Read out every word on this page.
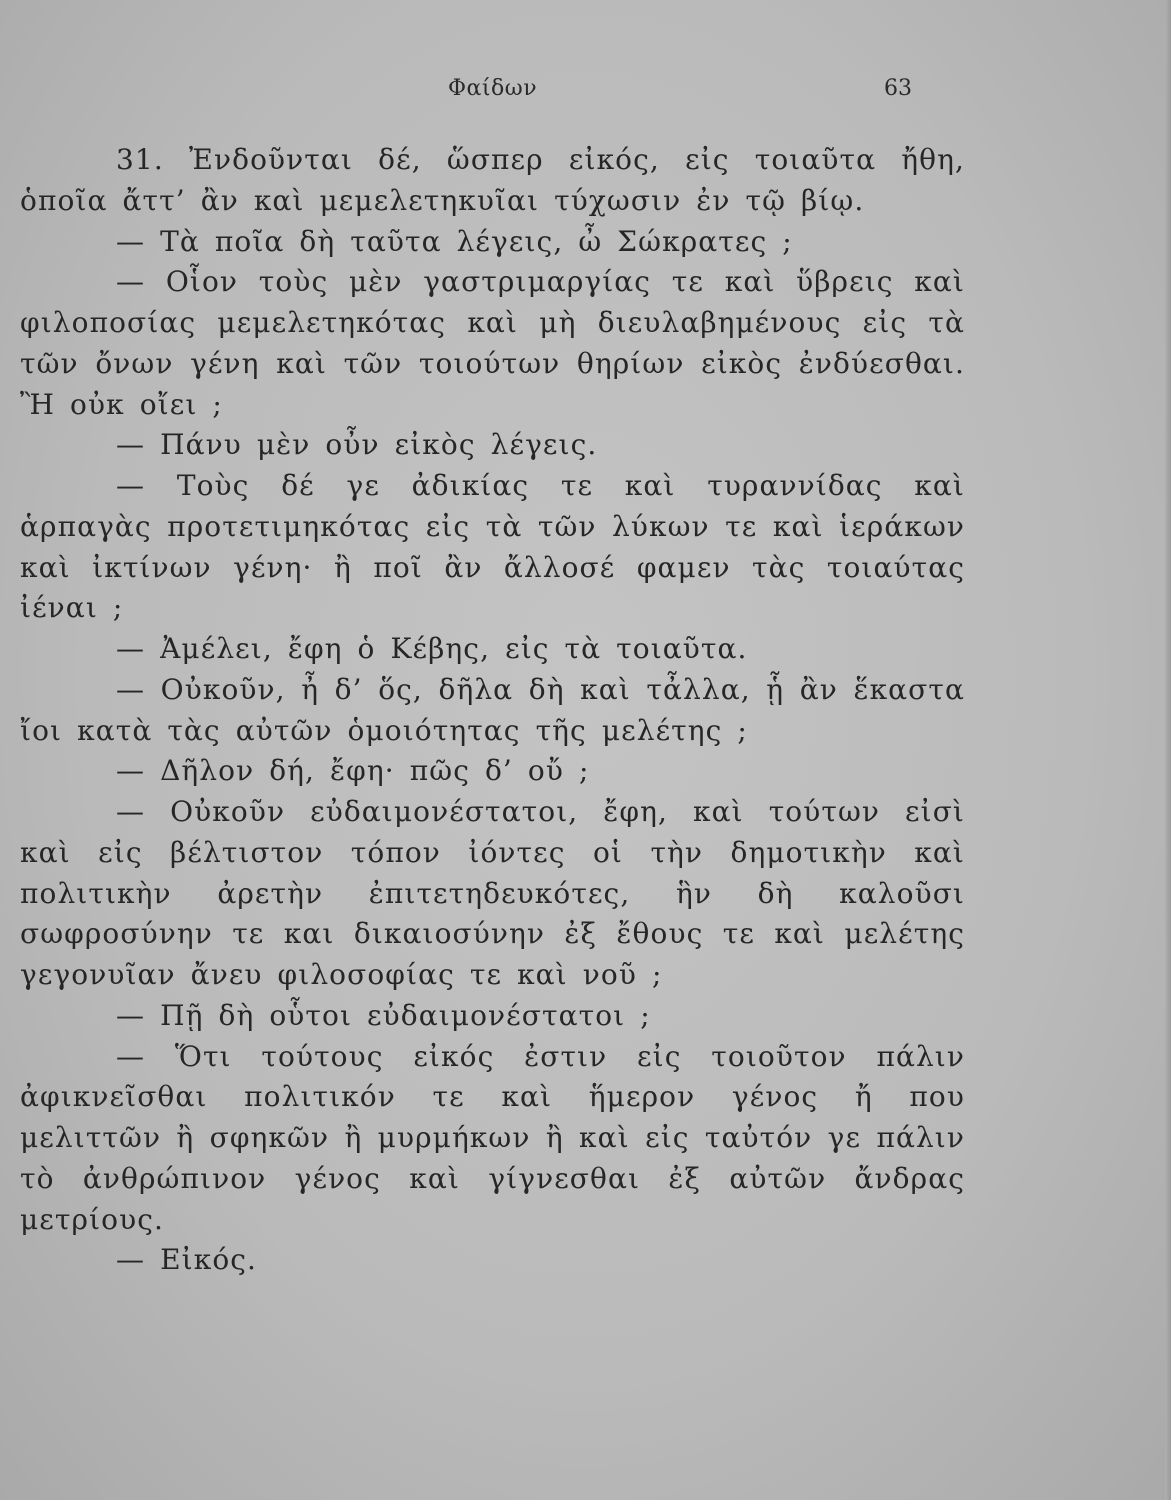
Φαίδων	63

31. Ἐνδοῦνται δέ, ὥσπερ εἰκός, εἰς τοιαῦτα ἤθη, ὁποῖα ἄττ’ ἂν καὶ μεμελετηκυῖαι τύχωσιν ἐν τῷ βίῳ.

— Τὰ ποῖα δὴ ταῦτα λέγεις, ὦ Σώκρατες ;

— Οἷον τοὺς μὲν γαστριμαργίας τε καὶ ὕβρεις καὶ φιλοποσίας μεμελετηκότας καὶ μὴ διευλαβημένους εἰς τὰ τῶν ὄνων γένη καὶ τῶν τοιούτων θηρίων εἰκὸς ἐνδύεσθαι. Ἢ οὐκ οἴει ;

— Πάνυ μὲν οὖν εἰκὸς λέγεις.

— Τοὺς δέ γε ἀδικίας τε καὶ τυραννίδας καὶ ἁρπαγὰς προτετιμηκότας εἰς τὰ τῶν λύκων τε καὶ ἱεράκων καὶ ἰκτίνων γένη· ἢ ποῖ ἂν ἄλλοσέ φαμεν τὰς τοιαύτας ἰέναι ;

— Ἀμέλει, ἔφη ὁ Κέβης, εἰς τὰ τοιαῦτα.

— Οὐκοῦν, ἦ δ’ ὅς, δῆλα δὴ καὶ τἆλλα, ᾗ ἂν ἕκαστα ἴοι κατὰ τὰς αὐτῶν ὁμοιότητας τῆς μελέτης ;

— Δῆλον δή, ἔφη· πῶς δ’ οὔ ;

— Οὐκοῦν εὐδαιμονέστατοι, ἔφη, καὶ τούτων εἰσὶ καὶ εἰς βέλτιστον τόπον ἰόντες οἱ τὴν δημοτικὴν καὶ πολιτικὴν ἀρετὴν ἐπιτετηδευκότες, ἣν δὴ καλοῦσι σωφροσύνην τε και δικαιοσύνην ἐξ ἔθους τε καὶ μελέτης γεγονυῖαν ἄνευ φιλοσοφίας τε καὶ νοῦ ;

— Πῇ δὴ οὗτοι εὐδαιμονέστατοι ;

— Ὅτι τούτους εἰκός ἐστιν εἰς τοιοῦτον πάλιν ἀφικνεῖσθαι πολιτικόν τε καὶ ἥμερον γένος ἤ που μελιττῶν ἢ σφηκῶν ἢ μυρμήκων ἢ καὶ εἰς ταὐτόν γε πάλιν τὸ ἀνθρώπινον γένος καὶ γίγνεσθαι ἐξ αὐτῶν ἄνδρας μετρίους.

— Εἰκός.
